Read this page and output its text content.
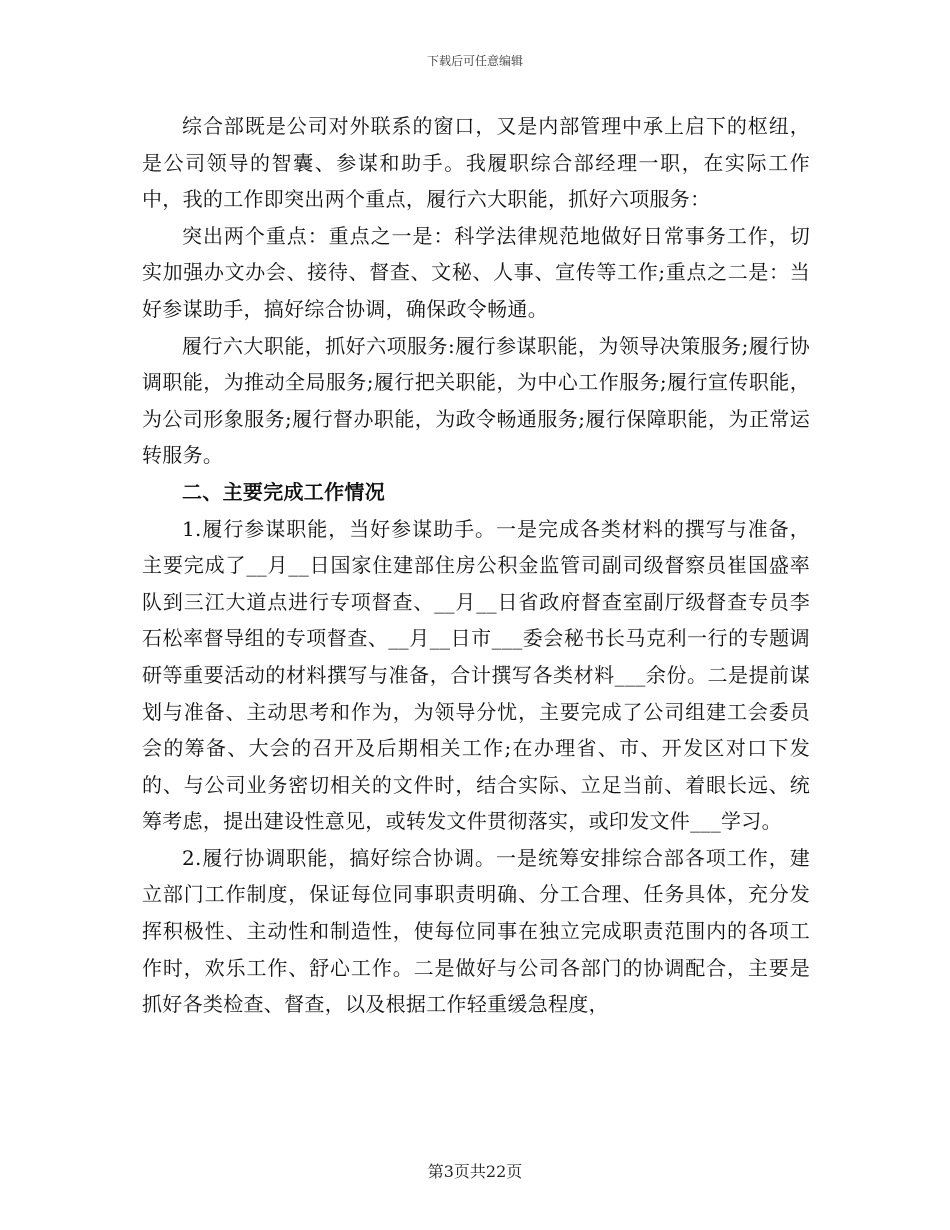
下载后可任意编辑

综合部既是公司对外联系的窗口，又是内部管理中承上启下的枢纽，是公司领导的智囊、参谋和助手。我履职综合部经理一职，在实际工作中，我的工作即突出两个重点，履行六大职能，抓好六项服务：

突出两个重点：重点之一是：科学法律规范地做好日常事务工作，切实加强办文办会、接待、督查、文秘、人事、宣传等工作;重点之二是：当好参谋助手，搞好综合协调，确保政令畅通。

履行六大职能，抓好六项服务:履行参谋职能，为领导决策服务;履行协调职能，为推动全局服务;履行把关职能，为中心工作服务;履行宣传职能，为公司形象服务;履行督办职能，为政令畅通服务;履行保障职能，为正常运转服务。

二、主要完成工作情况

1.履行参谋职能，当好参谋助手。一是完成各类材料的撰写与准备，主要完成了__月__日国家住建部住房公积金监管司副司级督察员崔国盛率队到三江大道点进行专项督查、__月__日省政府督查室副厅级督查专员李石松率督导组的专项督查、__月__日市___委会秘书长马克利一行的专题调研等重要活动的材料撰写与准备，合计撰写各类材料___余份。二是提前谋划与准备、主动思考和作为，为领导分忧，主要完成了公司组建工会委员会的筹备、大会的召开及后期相关工作;在办理省、市、开发区对口下发的、与公司业务密切相关的文件时，结合实际、立足当前、着眼长远、统筹考虑，提出建设性意见，或转发文件贯彻落实，或印发文件___学习。

2.履行协调职能，搞好综合协调。一是统筹安排综合部各项工作，建立部门工作制度，保证每位同事职责明确、分工合理、任务具体，充分发挥积极性、主动性和制造性，使每位同事在独立完成职责范围内的各项工作时，欢乐工作、舒心工作。二是做好与公司各部门的协调配合，主要是抓好各类检查、督查，以及根据工作轻重缓急程度，

第3页共22页
